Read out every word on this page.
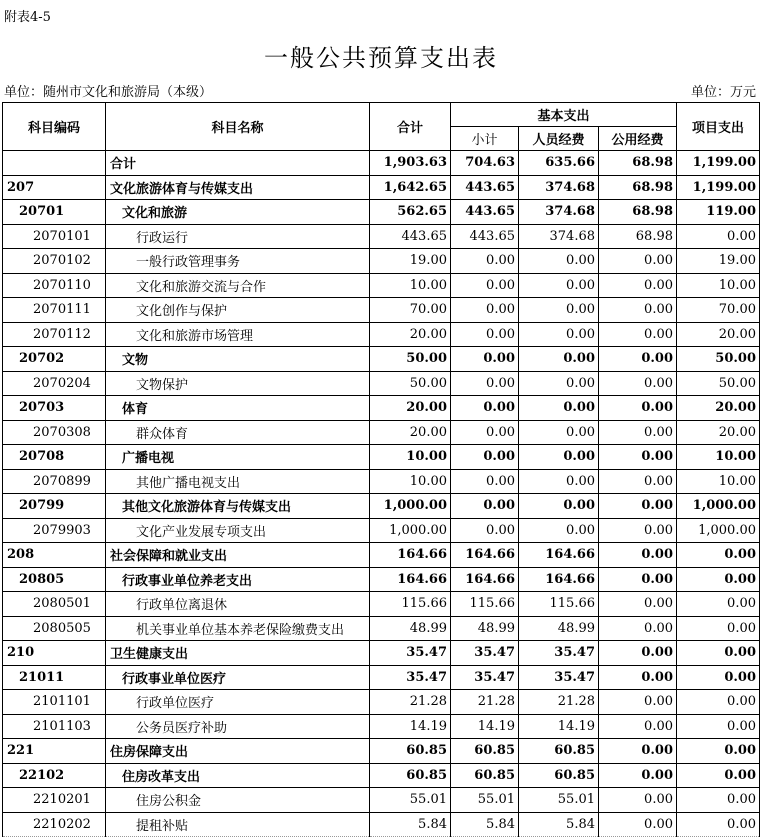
附表4-5
一般公共预算支出表
单位：随州市文化和旅游局（本级）	单位：万元
科目编码	科目名称	合计	基本支出			项目支出
			小计	人员经费	公用经费	
	合计	1,903.63	704.63	635.66	68.98	1,199.00
207	文化旅游体育与传媒支出	1,642.65	443.65	374.68	68.98	1,199.00
20701	文化和旅游	562.65	443.65	374.68	68.98	119.00
2070101	行政运行	443.65	443.65	374.68	68.98	0.00
2070102	一般行政管理事务	19.00	0.00	0.00	0.00	19.00
2070110	文化和旅游交流与合作	10.00	0.00	0.00	0.00	10.00
2070111	文化创作与保护	70.00	0.00	0.00	0.00	70.00
2070112	文化和旅游市场管理	20.00	0.00	0.00	0.00	20.00
20702	文物	50.00	0.00	0.00	0.00	50.00
2070204	文物保护	50.00	0.00	0.00	0.00	50.00
20703	体育	20.00	0.00	0.00	0.00	20.00
2070308	群众体育	20.00	0.00	0.00	0.00	20.00
20708	广播电视	10.00	0.00	0.00	0.00	10.00
2070899	其他广播电视支出	10.00	0.00	0.00	0.00	10.00
20799	其他文化旅游体育与传媒支出	1,000.00	0.00	0.00	0.00	1,000.00
2079903	文化产业发展专项支出	1,000.00	0.00	0.00	0.00	1,000.00
208	社会保障和就业支出	164.66	164.66	164.66	0.00	0.00
20805	行政事业单位养老支出	164.66	164.66	164.66	0.00	0.00
2080501	行政单位离退休	115.66	115.66	115.66	0.00	0.00
2080505	机关事业单位基本养老保险缴费支出	48.99	48.99	48.99	0.00	0.00
210	卫生健康支出	35.47	35.47	35.47	0.00	0.00
21011	行政事业单位医疗	35.47	35.47	35.47	0.00	0.00
2101101	行政单位医疗	21.28	21.28	21.28	0.00	0.00
2101103	公务员医疗补助	14.19	14.19	14.19	0.00	0.00
221	住房保障支出	60.85	60.85	60.85	0.00	0.00
22102	住房改革支出	60.85	60.85	60.85	0.00	0.00
2210201	住房公积金	55.01	55.01	55.01	0.00	0.00
2210202	提租补贴	5.84	5.84	5.84	0.00	0.00
